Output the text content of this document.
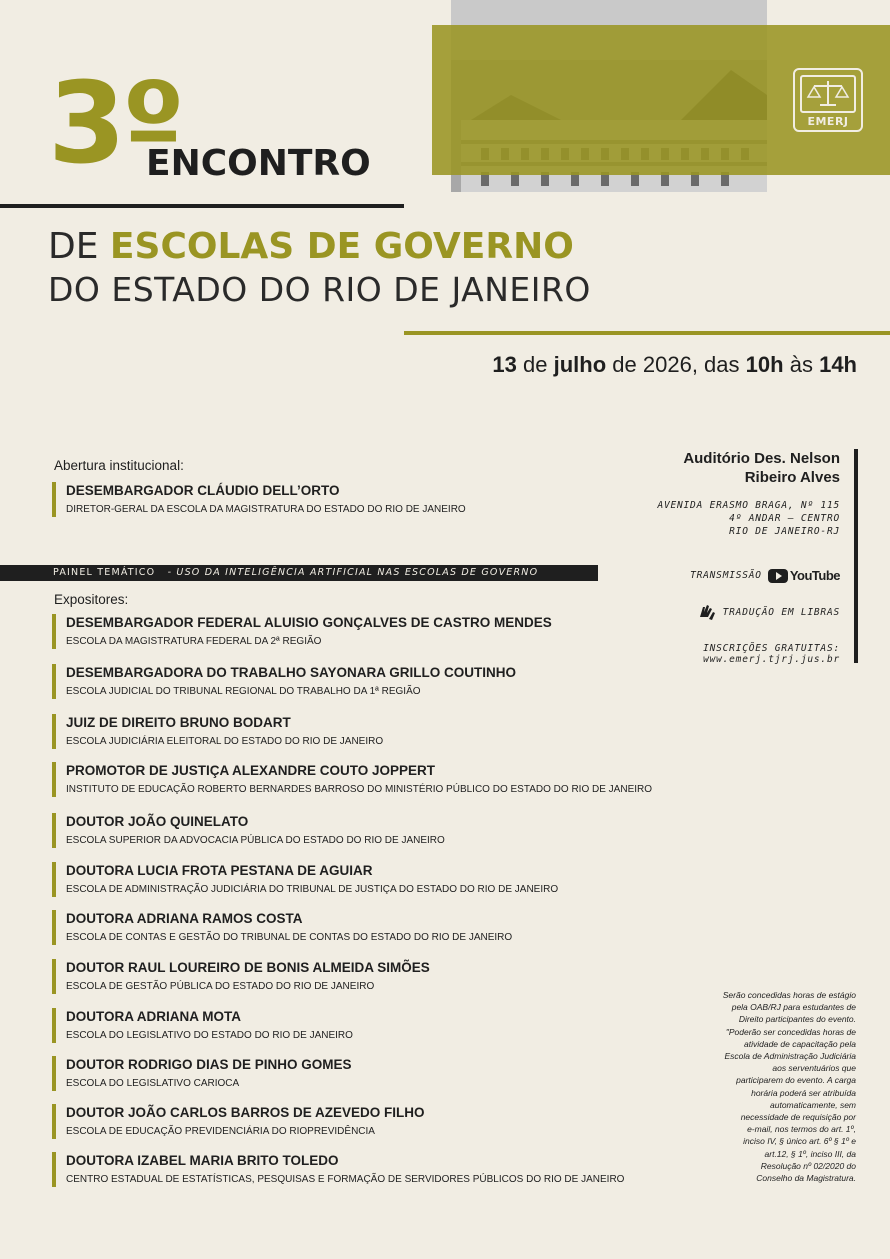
EMERJ
3º
ENCONTRO
DE ESCOLAS DE GOVERNO
DO ESTADO DO RIO DE JANEIRO
13 de julho de 2026, das 10h às 14h
Abertura institucional:
DESEMBARGADOR CLÁUDIO DELL’ORTO
DIRETOR-GERAL DA ESCOLA DA MAGISTRATURA DO ESTADO DO RIO DE JANEIRO
PAINEL TEMÁTICO - USO DA INTELIGÊNCIA ARTIFICIAL NAS ESCOLAS DE GOVERNO
Expositores:
DESEMBARGADOR FEDERAL ALUISIO GONÇALVES DE CASTRO MENDES
ESCOLA DA MAGISTRATURA FEDERAL DA 2ª REGIÃO
DESEMBARGADORA DO TRABALHO SAYONARA GRILLO COUTINHO
ESCOLA JUDICIAL DO TRIBUNAL REGIONAL DO TRABALHO DA 1ª REGIÃO
JUIZ DE DIREITO BRUNO BODART
ESCOLA JUDICIÁRIA ELEITORAL DO ESTADO DO RIO DE JANEIRO
PROMOTOR DE JUSTIÇA ALEXANDRE COUTO JOPPERT
INSTITUTO DE EDUCAÇÃO ROBERTO BERNARDES BARROSO DO MINISTÉRIO PÚBLICO DO ESTADO DO RIO DE JANEIRO
DOUTOR JOÃO QUINELATO
ESCOLA SUPERIOR DA ADVOCACIA PÚBLICA DO ESTADO DO RIO DE JANEIRO
DOUTORA LUCIA FROTA PESTANA DE AGUIAR
ESCOLA DE ADMINISTRAÇÃO JUDICIÁRIA DO TRIBUNAL DE JUSTIÇA DO ESTADO DO RIO DE JANEIRO
DOUTORA ADRIANA RAMOS COSTA
ESCOLA DE CONTAS E GESTÃO DO TRIBUNAL DE CONTAS DO ESTADO DO RIO DE JANEIRO
DOUTOR RAUL LOUREIRO DE BONIS ALMEIDA SIMÕES
ESCOLA DE GESTÃO PÚBLICA DO ESTADO DO RIO DE JANEIRO
DOUTORA ADRIANA MOTA
ESCOLA DO LEGISLATIVO DO ESTADO DO RIO DE JANEIRO
DOUTOR RODRIGO DIAS DE PINHO GOMES
ESCOLA DO LEGISLATIVO CARIOCA
DOUTOR JOÃO CARLOS BARROS DE AZEVEDO FILHO
ESCOLA DE EDUCAÇÃO PREVIDENCIÁRIA DO RIOPREVIDÊNCIA
DOUTORA IZABEL MARIA BRITO TOLEDO
CENTRO ESTADUAL DE ESTATÍSTICAS, PESQUISAS E FORMAÇÃO DE SERVIDORES PÚBLICOS DO RIO DE JANEIRO
Auditório Des. Nelson
Ribeiro Alves
AVENIDA ERASMO BRAGA, Nº 115
4º ANDAR – CENTRO
RIO DE JANEIRO-RJ
TRANSMISSÃO YouTube
TRADUÇÃO EM LIBRAS
INSCRIÇÕES GRATUITAS:
www.emerj.tjrj.jus.br
Serão concedidas horas de estágio
pela OAB/RJ para estudantes de
Direito participantes do evento.
"Poderão ser concedidas horas de
atividade de capacitação pela
Escola de Administração Judiciária
aos serventuários que
participarem do evento. A carga
horária poderá ser atribuída
automaticamente, sem
necessidade de requisição por
e-mail, nos termos do art. 1º,
inciso IV, § único art. 6º § 1º e
art.12, § 1º, inciso III, da
Resolução nº 02/2020 do
Conselho da Magistratura.
